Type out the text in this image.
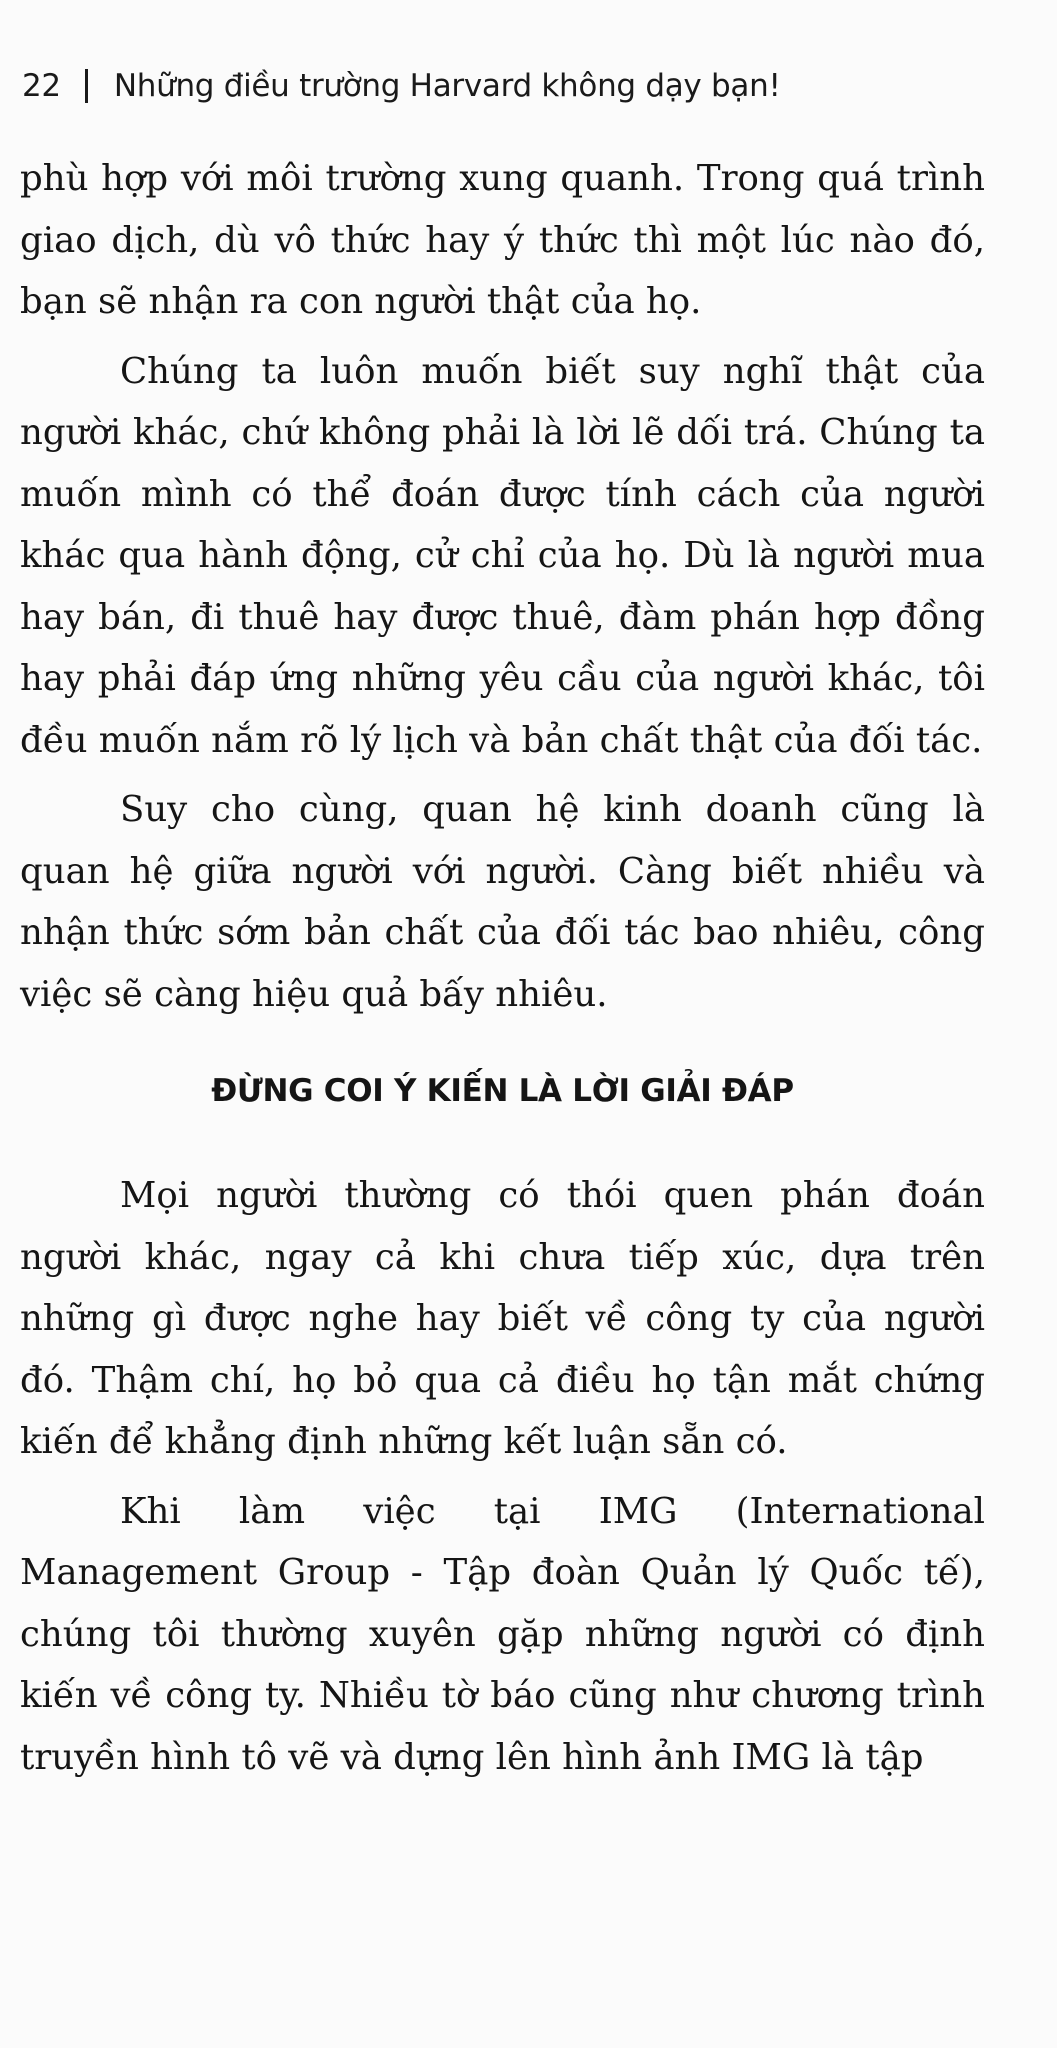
22 Những điều trường Harvard không dạy bạn!

phù hợp với môi trường xung quanh. Trong quá trình giao dịch, dù vô thức hay ý thức thì một lúc nào đó, bạn sẽ nhận ra con người thật của họ.

Chúng ta luôn muốn biết suy nghĩ thật của người khác, chứ không phải là lời lẽ dối trá. Chúng ta muốn mình có thể đoán được tính cách của người khác qua hành động, cử chỉ của họ. Dù là người mua hay bán, đi thuê hay được thuê, đàm phán hợp đồng hay phải đáp ứng những yêu cầu của người khác, tôi đều muốn nắm rõ lý lịch và bản chất thật của đối tác.

Suy cho cùng, quan hệ kinh doanh cũng là quan hệ giữa người với người. Càng biết nhiều và nhận thức sớm bản chất của đối tác bao nhiêu, công việc sẽ càng hiệu quả bấy nhiêu.

ĐỪNG COI Ý KIẾN LÀ LỜI GIẢI ĐÁP

Mọi người thường có thói quen phán đoán người khác, ngay cả khi chưa tiếp xúc, dựa trên những gì được nghe hay biết về công ty của người đó. Thậm chí, họ bỏ qua cả điều họ tận mắt chứng kiến để khẳng định những kết luận sẵn có.

Khi làm việc tại IMG (International Management Group - Tập đoàn Quản lý Quốc tế), chúng tôi thường xuyên gặp những người có định kiến về công ty. Nhiều tờ báo cũng như chương trình truyền hình tô vẽ và dựng lên hình ảnh IMG là tập
